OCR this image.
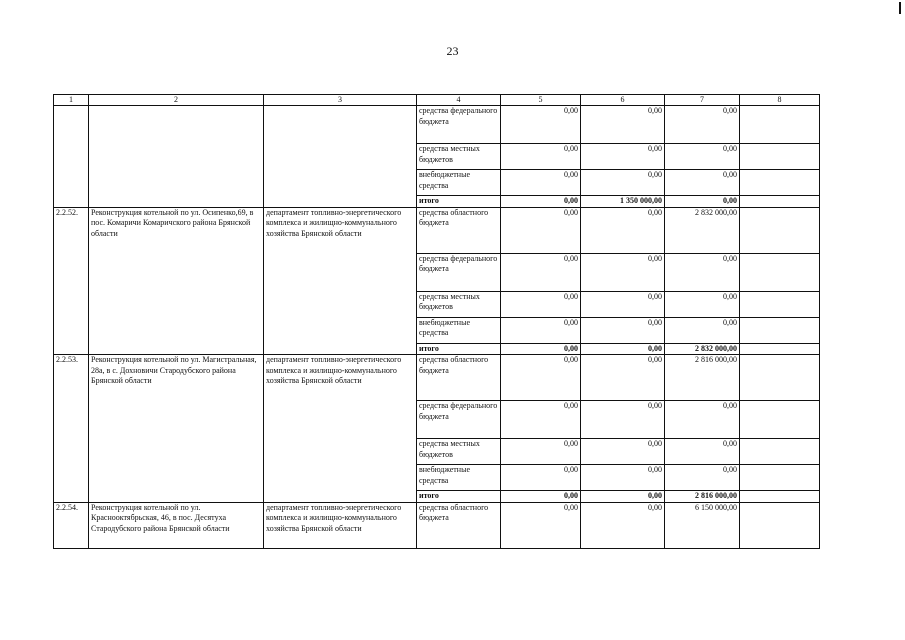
23
1	2	3	4	5	6	7	8
			средства федерального бюджета	0,00	0,00	0,00	
			средства местных бюджетов	0,00	0,00	0,00	
			внебюджетные средства	0,00	0,00	0,00	
			итого	0,00	1 350 000,00	0,00	
2.2.52.	Реконструкция котельной по ул. Осипенко,69, в пос. Комаричи Комаричского района Брянской области	департамент топливно-энергетического комплекса и жилищно-коммунального хозяйства Брянской области	средства областного бюджета	0,00	0,00	2 832 000,00	
			средства федерального бюджета	0,00	0,00	0,00	
			средства местных бюджетов	0,00	0,00	0,00	
			внебюджетные средства	0,00	0,00	0,00	
			итого	0,00	0,00	2 832 000,00	
2.2.53.	Реконструкция котельной по ул. Магистральная, 28а, в с. Дохновичи Стародубского района Брянской области	департамент топливно-энергетического комплекса и жилищно-коммунального хозяйства Брянской области	средства областного бюджета	0,00	0,00	2 816 000,00	
			средства федерального бюджета	0,00	0,00	0,00	
			средства местных бюджетов	0,00	0,00	0,00	
			внебюджетные средства	0,00	0,00	0,00	
			итого	0,00	0,00	2 816 000,00	
2.2.54.	Реконструкция котельной по ул. Краснооктябрьская, 46, в пос. Десятуха Стародубского района Брянской области	департамент топливно-энергетического комплекса и жилищно-коммунального хозяйства Брянской области	средства областного бюджета	0,00	0,00	6 150 000,00	
